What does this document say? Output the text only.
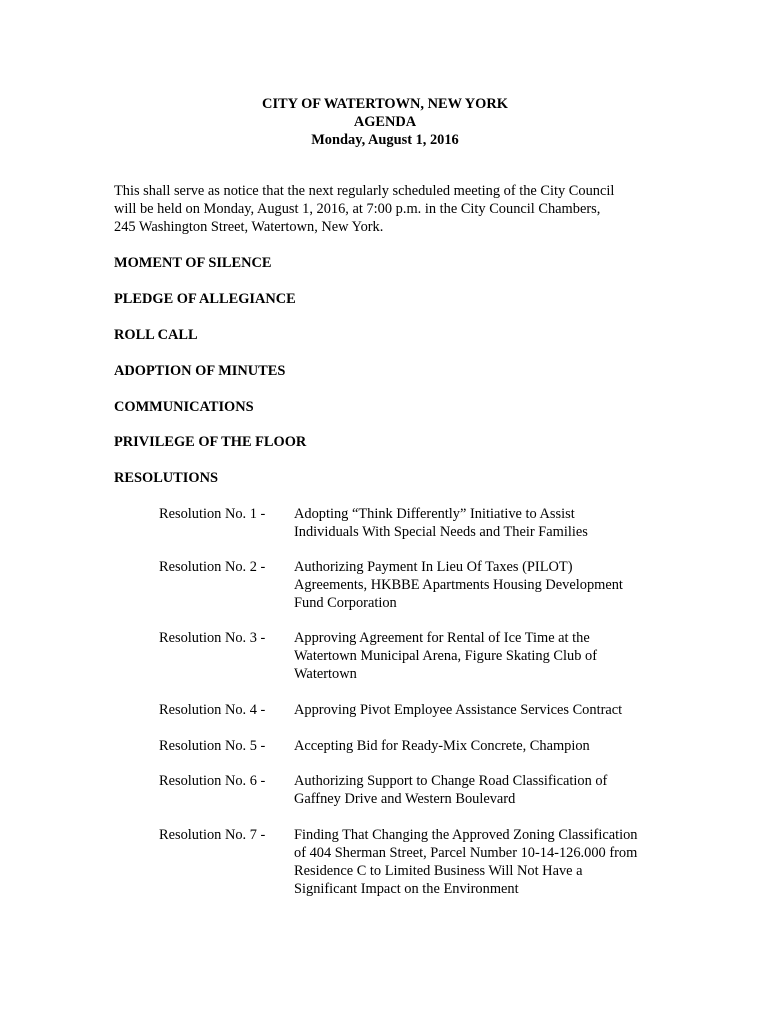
CITY OF WATERTOWN, NEW YORK
AGENDA
Monday, August 1, 2016
This shall serve as notice that the next regularly scheduled meeting of the City Council
will be held on Monday, August 1, 2016, at 7:00 p.m. in the City Council Chambers,
245 Washington Street, Watertown, New York.
MOMENT OF SILENCE
PLEDGE OF ALLEGIANCE
ROLL CALL
ADOPTION OF MINUTES
COMMUNICATIONS
PRIVILEGE OF THE FLOOR
RESOLUTIONS
Resolution No. 1 - Adopting “Think Differently” Initiative to Assist
Individuals With Special Needs and Their Families
Resolution No. 2 - Authorizing Payment In Lieu Of Taxes (PILOT)
Agreements, HKBBE Apartments Housing Development
Fund Corporation
Resolution No. 3 - Approving Agreement for Rental of Ice Time at the
Watertown Municipal Arena, Figure Skating Club of
Watertown
Resolution No. 4 - Approving Pivot Employee Assistance Services Contract
Resolution No. 5 - Accepting Bid for Ready-Mix Concrete, Champion
Resolution No. 6 - Authorizing Support to Change Road Classification of
Gaffney Drive and Western Boulevard
Resolution No. 7 - Finding That Changing the Approved Zoning Classification
of 404 Sherman Street, Parcel Number 10-14-126.000 from
Residence C to Limited Business Will Not Have a
Significant Impact on the Environment
